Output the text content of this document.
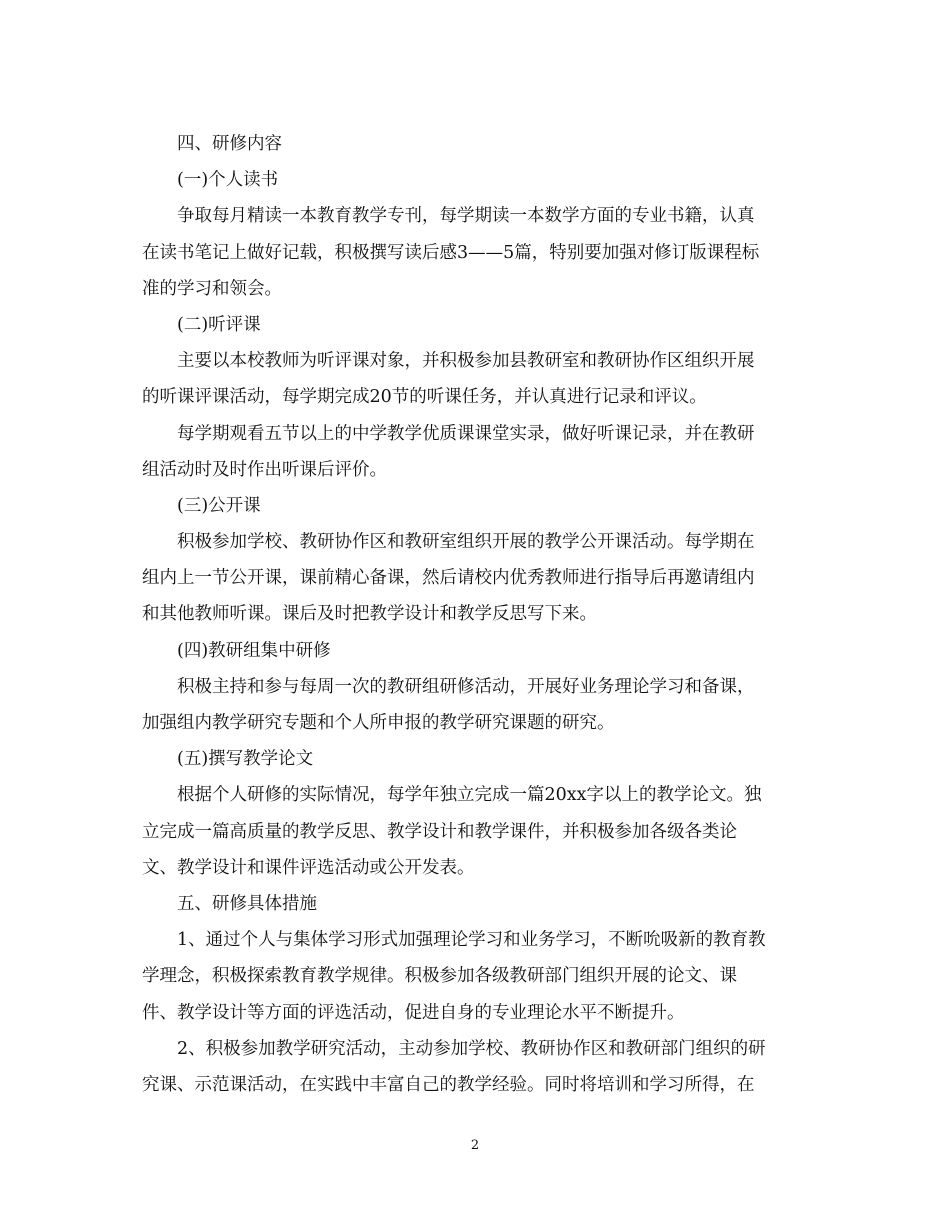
四、研修内容
(一)个人读书
争取每月精读一本教育教学专刊，每学期读一本数学方面的专业书籍，认真
在读书笔记上做好记载，积极撰写读后感3——5篇，特别要加强对修订版课程标
准的学习和领会。
(二)听评课
主要以本校教师为听评课对象，并积极参加县教研室和教研协作区组织开展
的听课评课活动，每学期完成20节的听课任务，并认真进行记录和评议。
每学期观看五节以上的中学教学优质课课堂实录，做好听课记录，并在教研
组活动时及时作出听课后评价。
(三)公开课
积极参加学校、教研协作区和教研室组织开展的教学公开课活动。每学期在
组内上一节公开课，课前精心备课，然后请校内优秀教师进行指导后再邀请组内
和其他教师听课。课后及时把教学设计和教学反思写下来。
(四)教研组集中研修
积极主持和参与每周一次的教研组研修活动，开展好业务理论学习和备课，
加强组内教学研究专题和个人所申报的教学研究课题的研究。
(五)撰写教学论文
根据个人研修的实际情况，每学年独立完成一篇20xx字以上的教学论文。独
立完成一篇高质量的教学反思、教学设计和教学课件，并积极参加各级各类论
文、教学设计和课件评选活动或公开发表。
五、研修具体措施
1、通过个人与集体学习形式加强理论学习和业务学习，不断吮吸新的教育教
学理念，积极探索教育教学规律。积极参加各级教研部门组织开展的论文、课
件、教学设计等方面的评选活动，促进自身的专业理论水平不断提升。
2、积极参加教学研究活动，主动参加学校、教研协作区和教研部门组织的研
究课、示范课活动，在实践中丰富自己的教学经验。同时将培训和学习所得，在
2
